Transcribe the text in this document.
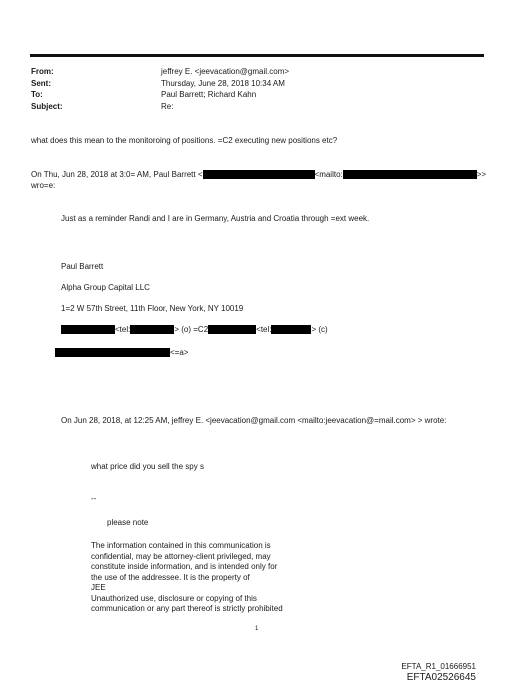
From:	jeffrey E. <jeevacation@gmail.com>
Sent:	Thursday, June 28, 2018 10:34 AM
To:	Paul Barrett; Richard Kahn
Subject:	Re:
what does this mean to the monitoroing of positions. =C2 executing new positions etc?
On Thu, Jun 28, 2018 at 3:0= AM, Paul Barrett <	<mailto:	>>
wro=e:
Just as a reminder Randi and I are in Germany, Austria and Croatia through =ext week.
Paul Barrett
Alpha Group Capital LLC
1=2 W 57th Street, 11th Floor, New York, NY 10019
<tel:	> (o) =C2	<tel:	> (c)
<=a>
On Jun 28, 2018, at 12:25 AM, jeffrey E. <jeevacation@gmail.com <mailto:jeevacation@=mail.com> > wrote:
what price did you sell the spy s
--
please note
The information contained in this communication is
confidential, may be attorney-client privileged, may
constitute inside information, and is intended only for
the use of the addressee. It is the property of
JEE
Unauthorized use, disclosure or copying of this
communication or any part thereof is strictly prohibited
1
EFTA_R1_01666951
EFTA02526645
